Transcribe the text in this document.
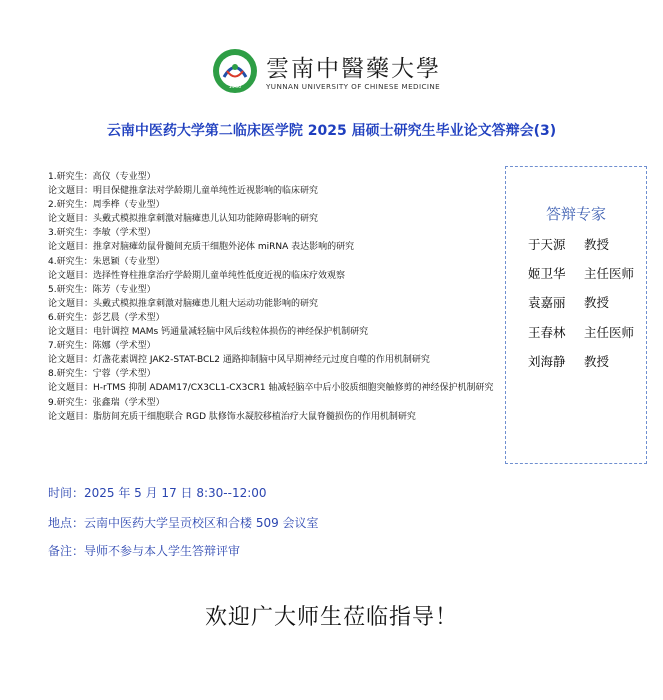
1960
雲南中醫藥大學
YUNNAN UNIVERSITY OF CHINESE MEDICINE
云南中医药大学第二临床医学院 2025 届硕士研究生毕业论文答辩会(3)
1.研究生：高仪（专业型）
论文题目：明目保健推拿法对学龄期儿童单纯性近视影响的临床研究
2.研究生：周季桦（专业型）
论文题目：头戴式模拟推拿刺激对脑瘫患儿认知功能障碍影响的研究
3.研究生：李敏（学术型）
论文题目：推拿对脑瘫幼鼠骨髓间充质干细胞外泌体 miRNA 表达影响的研究
4.研究生：朱恩颖（专业型）
论文题目：选择性脊柱推拿治疗学龄期儿童单纯性低度近视的临床疗效观察
5.研究生：陈芳（专业型）
论文题目：头戴式模拟推拿刺激对脑瘫患儿粗大运动功能影响的研究
6.研究生：彭艺晨（学术型）
论文题目：电针调控 MAMs 钙通量减轻脑中风后线粒体损伤的神经保护机制研究
7.研究生：陈娜（学术型）
论文题目：灯盏花素调控 JAK2-STAT-BCL2 通路抑制脑中风早期神经元过度自噬的作用机制研究
8.研究生：宁蓉（学术型）
论文题目：H-rTMS 抑制 ADAM17/CX3CL1-CX3CR1 轴减轻脑卒中后小胶质细胞突触修剪的神经保护机制研究
9.研究生：张鑫瑞（学术型）
论文题目：脂肪间充质干细胞联合 RGD 肽修饰水凝胶移植治疗大鼠脊髓损伤的作用机制研究
答辩专家
于天源 教授
姬卫华 主任医师
袁嘉丽 教授
王春林 主任医师
刘海静 教授
时间：2025 年 5 月 17 日 8:30--12:00
地点：云南中医药大学呈贡校区和合楼 509 会议室
备注：导师不参与本人学生答辩评审
欢迎广大师生莅临指导！
